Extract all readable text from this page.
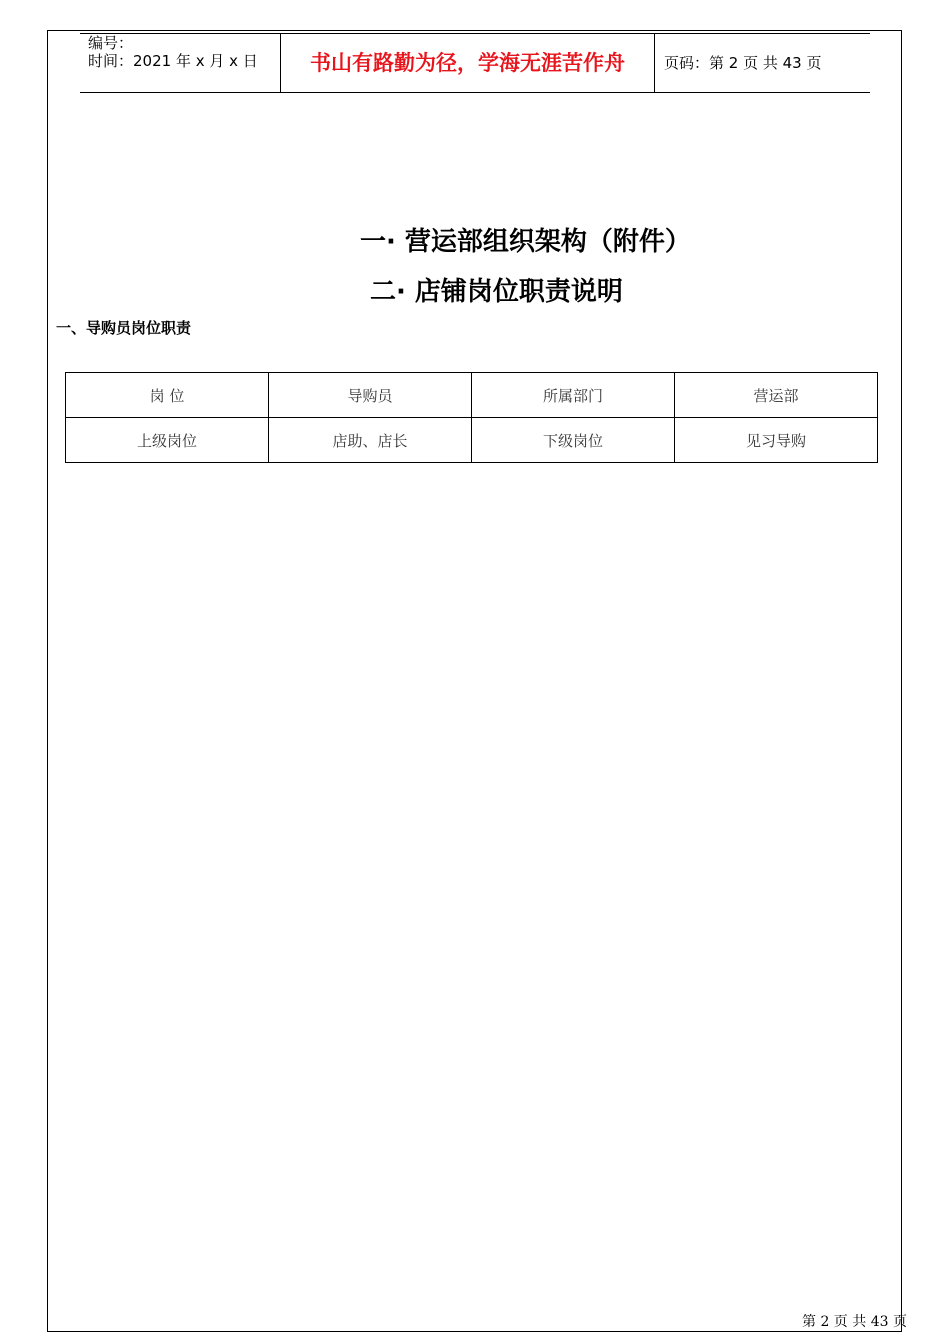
编号：
时间：2021 年 x 月 x 日	书山有路勤为径，学海无涯苦作舟	页码：第 2 页 共 43 页
一· 营运部组织架构（附件）
二· 店铺岗位职责说明
一、导购员岗位职责
岗 位	导购员	所属部门	营运部
上级岗位	店助、店长	下级岗位	见习导购
第 2 页 共 43 页
